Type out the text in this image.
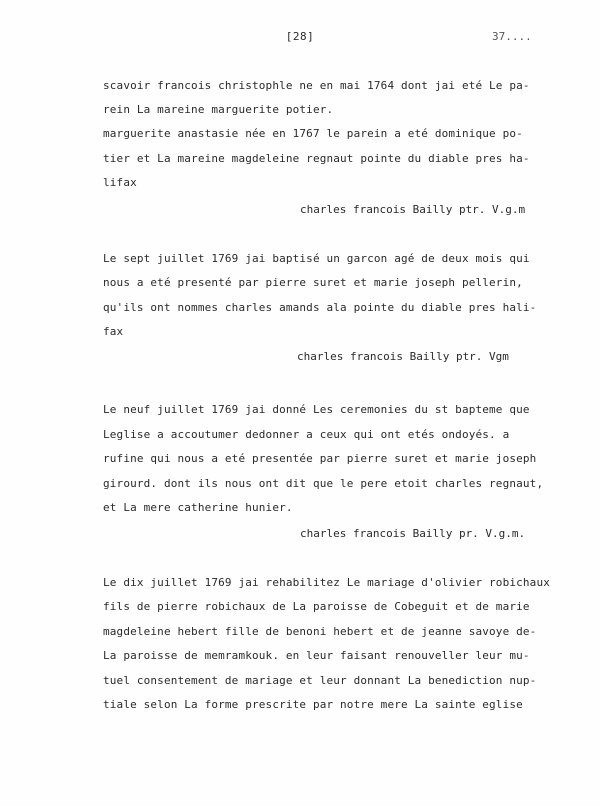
[28]	37....
scavoir francois christophle ne en mai 1764 dont jai eté Le pa-
rein La mareine marguerite potier.
marguerite anastasie née en 1767 le parein a eté dominique po-
tier et La mareine magdeleine regnaut pointe du diable pres ha-
lifax
charles francois Bailly ptr. V.g.m
Le sept juillet 1769 jai baptisé un garcon agé de deux mois qui
nous a eté presenté par pierre suret et marie joseph pellerin,
qu'ils ont nommes charles amands ala pointe du diable pres hali-
fax
charles francois Bailly ptr. Vgm
Le neuf juillet 1769 jai donné Les ceremonies du st bapteme que
Leglise a accoutumer dedonner a ceux qui ont etés ondoyés. a
rufine qui nous a eté presentée par pierre suret et marie joseph
girourd. dont ils nous ont dit que le pere etoit charles regnaut,
et La mere catherine hunier.
charles francois Bailly pr. V.g.m.
Le dix juillet 1769 jai rehabilitez Le mariage d'olivier robichaux
fils de pierre robichaux de La paroisse de Cobeguit et de marie
magdeleine hebert fille de benoni hebert et de jeanne savoye de-
La paroisse de memramkouk. en leur faisant renouveller leur mu-
tuel consentement de mariage et leur donnant La benediction nup-
tiale selon La forme prescrite par notre mere La sainte eglise
